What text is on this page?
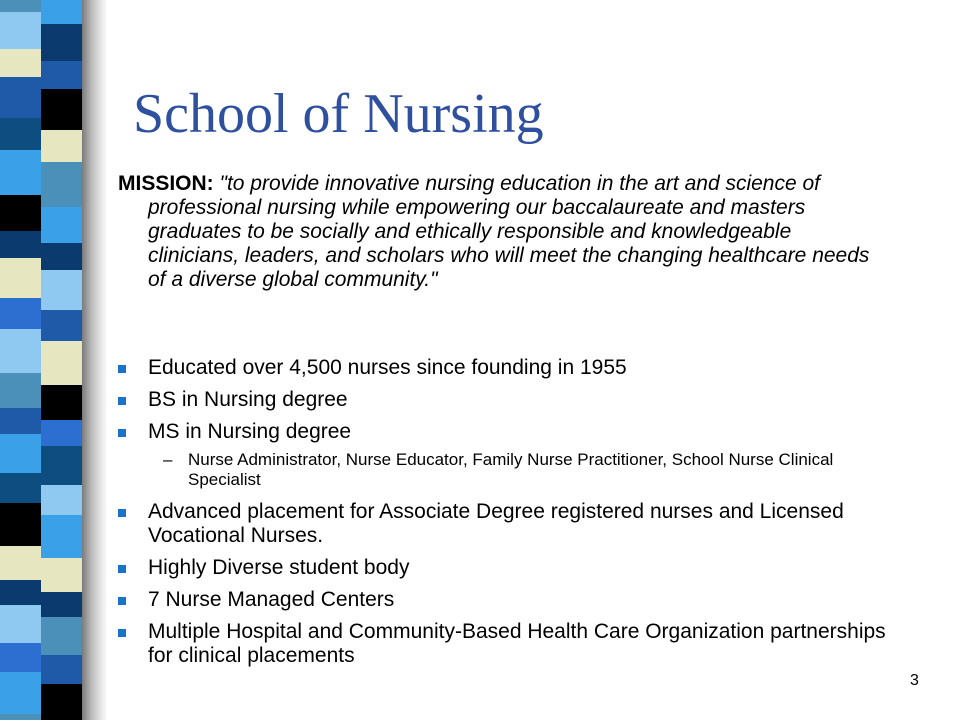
School of Nursing
MISSION: "to provide innovative nursing education in the art and science of professional nursing while empowering our baccalaureate and masters graduates to be socially and ethically responsible and knowledgeable clinicians, leaders, and scholars who will meet the changing healthcare needs of a diverse global community."
Educated over 4,500 nurses since founding in 1955
BS in Nursing degree
MS in Nursing degree
– Nurse Administrator, Nurse Educator, Family Nurse Practitioner, School Nurse Clinical Specialist
Advanced placement for Associate Degree registered nurses and Licensed Vocational Nurses.
Highly Diverse student body
7 Nurse Managed Centers
Multiple Hospital and Community-Based Health Care Organization partnerships for clinical placements
3
